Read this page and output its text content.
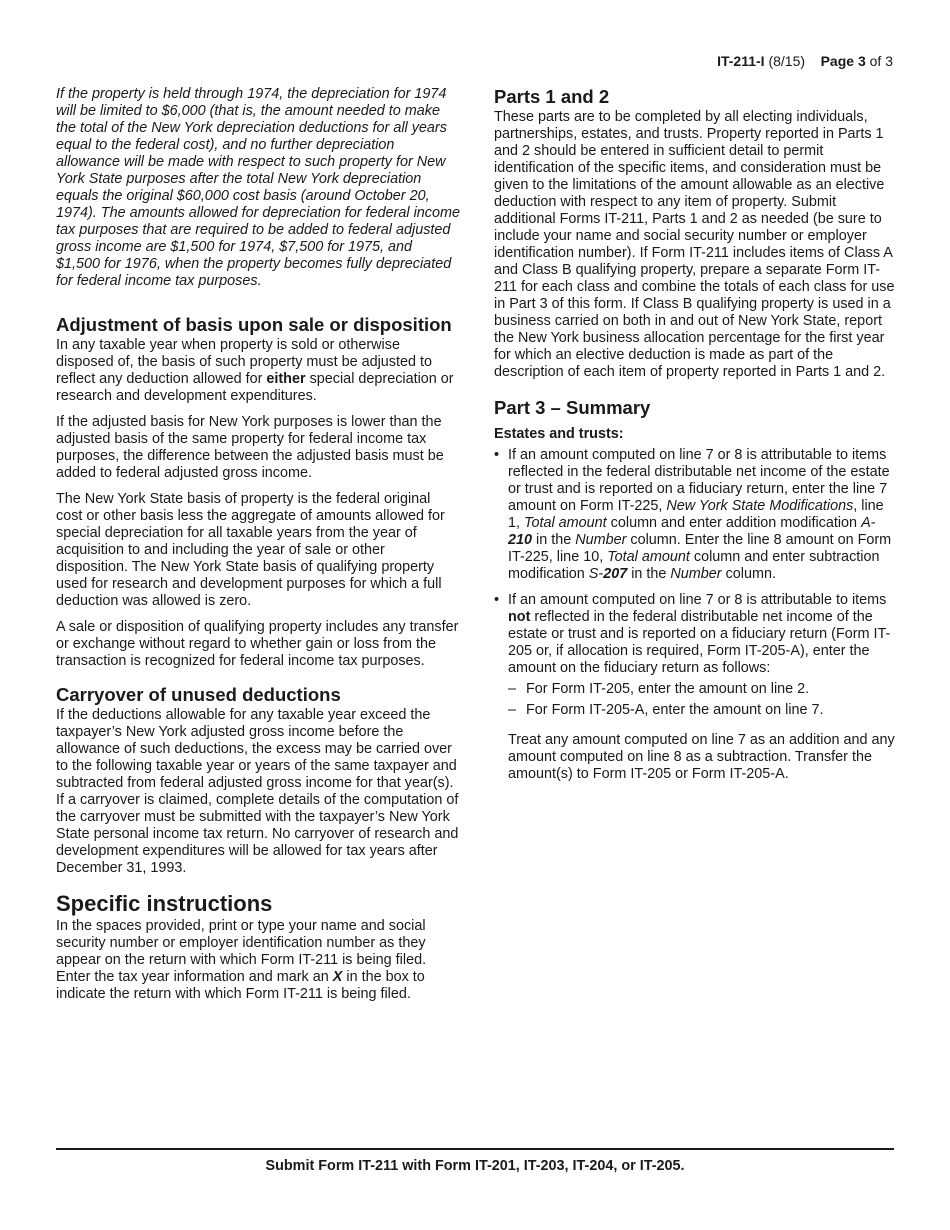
IT-211-I (8/15) Page 3 of 3

If the property is held through 1974, the depreciation for 1974 will be limited to $6,000 (that is, the amount needed to make the total of the New York depreciation deductions for all years equal to the federal cost), and no further depreciation allowance will be made with respect to such property for New York State purposes after the total New York depreciation equals the original $60,000 cost basis (around October 20, 1974). The amounts allowed for depreciation for federal income tax purposes that are required to be added to federal adjusted gross income are $1,500 for 1974, $7,500 for 1975, and $1,500 for 1976, when the property becomes fully depreciated for federal income tax purposes.

Adjustment of basis upon sale or disposition

In any taxable year when property is sold or otherwise disposed of, the basis of such property must be adjusted to reflect any deduction allowed for either special depreciation or research and development expenditures.

If the adjusted basis for New York purposes is lower than the adjusted basis of the same property for federal income tax purposes, the difference between the adjusted basis must be added to federal adjusted gross income.

The New York State basis of property is the federal original cost or other basis less the aggregate of amounts allowed for special depreciation for all taxable years from the year of acquisition to and including the year of sale or other disposition. The New York State basis of qualifying property used for research and development purposes for which a full deduction was allowed is zero.

A sale or disposition of qualifying property includes any transfer or exchange without regard to whether gain or loss from the transaction is recognized for federal income tax purposes.

Carryover of unused deductions

If the deductions allowable for any taxable year exceed the taxpayer’s New York adjusted gross income before the allowance of such deductions, the excess may be carried over to the following taxable year or years of the same taxpayer and subtracted from federal adjusted gross income for that year(s). If a carryover is claimed, complete details of the computation of the carryover must be submitted with the taxpayer’s New York State personal income tax return. No carryover of research and development expenditures will be allowed for tax years after December 31, 1993.

Specific instructions

In the spaces provided, print or type your name and social security number or employer identification number as they appear on the return with which Form IT-211 is being filed. Enter the tax year information and mark an X in the box to indicate the return with which Form IT-211 is being filed.

Parts 1 and 2

These parts are to be completed by all electing individuals, partnerships, estates, and trusts. Property reported in Parts 1 and 2 should be entered in sufficient detail to permit identification of the specific items, and consideration must be given to the limitations of the amount allowable as an elective deduction with respect to any item of property. Submit additional Forms IT-211, Parts 1 and 2 as needed (be sure to include your name and social security number or employer identification number). If Form IT-211 includes items of Class A and Class B qualifying property, prepare a separate Form IT-211 for each class and combine the totals of each class for use in Part 3 of this form. If Class B qualifying property is used in a business carried on both in and out of New York State, report the New York business allocation percentage for the first year for which an elective deduction is made as part of the description of each item of property reported in Parts 1 and 2.

Part 3 – Summary
Estates and trusts:
• If an amount computed on line 7 or 8 is attributable to items reflected in the federal distributable net income of the estate or trust and is reported on a fiduciary return, enter the line 7 amount on Form IT-225, New York State Modifications, line 1, Total amount column and enter addition modification A-210 in the Number column. Enter the line 8 amount on Form IT-225, line 10, Total amount column and enter subtraction modification S-207 in the Number column.
• If an amount computed on line 7 or 8 is attributable to items not reflected in the federal distributable net income of the estate or trust and is reported on a fiduciary return (Form IT-205 or, if allocation is required, Form IT-205-A), enter the amount on the fiduciary return as follows:
– For Form IT-205, enter the amount on line 2.
– For Form IT-205-A, enter the amount on line 7.

Treat any amount computed on line 7 as an addition and any amount computed on line 8 as a subtraction. Transfer the amount(s) to Form IT-205 or Form IT-205-A.

Submit Form IT-211 with Form IT-201, IT-203, IT-204, or IT-205.
